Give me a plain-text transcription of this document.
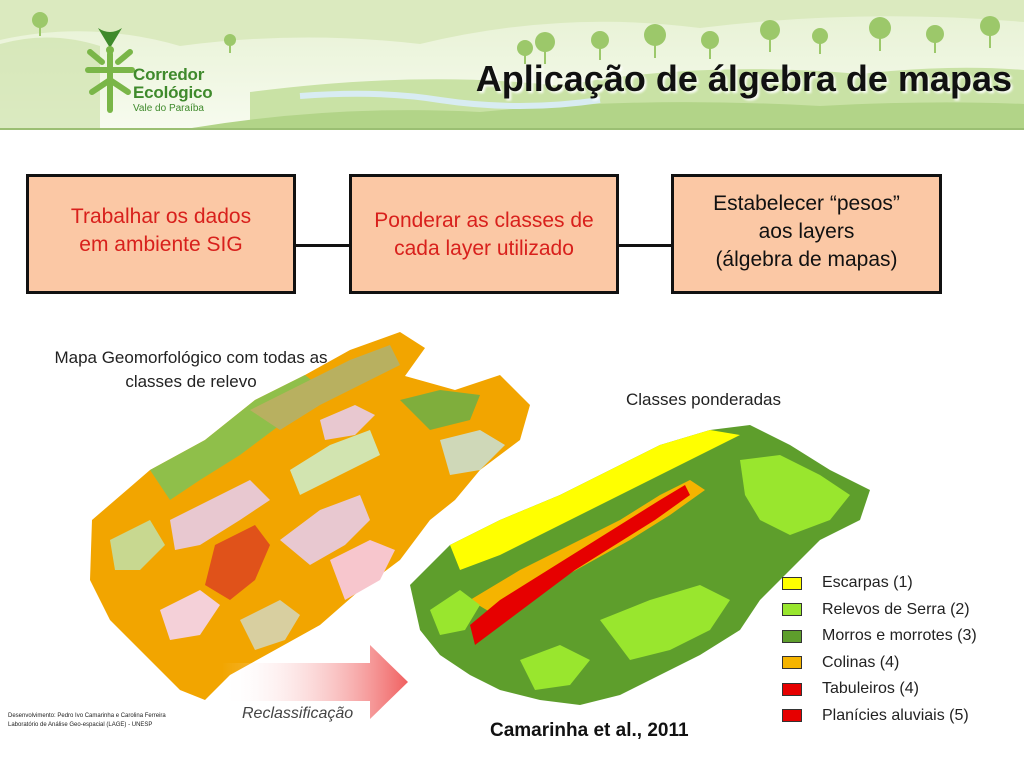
Corredor
Ecológico
Vale do Paraíba
Aplicação de álgebra de mapas
Trabalhar os dados
em ambiente SIG
Ponderar as classes de
cada layer utilizado
Estabelecer “pesos”
aos layers
(álgebra de mapas)
Mapa Geomorfológico com todas as
classes de relevo
Classes ponderadas
Escarpas (1)
Relevos de Serra (2)
Morros e morrotes (3)
Colinas (4)
Tabuleiros (4)
Planícies aluviais (5)
Reclassificação
Desenvolvimento: Pedro Ivo Camarinha e Carolina Ferreira
Laboratório de Análise Geo-espacial (LAGE) - UNESP	Camarinha et al., 2011
